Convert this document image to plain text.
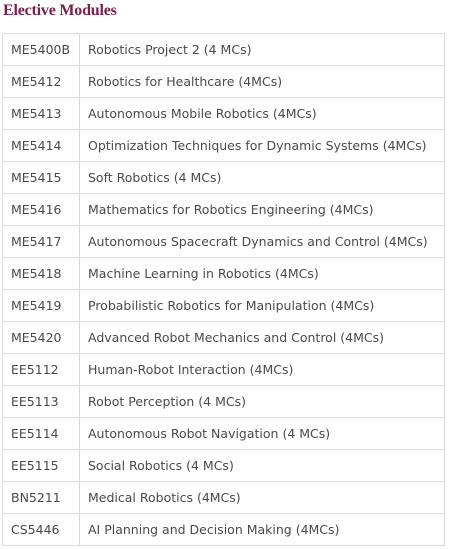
Elective Modules
ME5400B	Robotics Project 2 (4 MCs)
ME5412	Robotics for Healthcare (4MCs)
ME5413	Autonomous Mobile Robotics (4MCs)
ME5414	Optimization Techniques for Dynamic Systems (4MCs)
ME5415	Soft Robotics (4 MCs)
ME5416	Mathematics for Robotics Engineering (4MCs)
ME5417	Autonomous Spacecraft Dynamics and Control (4MCs)
ME5418	Machine Learning in Robotics (4MCs)
ME5419	Probabilistic Robotics for Manipulation (4MCs)
ME5420	Advanced Robot Mechanics and Control (4MCs)
EE5112	Human-Robot Interaction (4MCs)
EE5113	Robot Perception (4 MCs)
EE5114	Autonomous Robot Navigation (4 MCs)
EE5115	Social Robotics (4 MCs)
BN5211	Medical Robotics (4MCs)
CS5446	AI Planning and Decision Making (4MCs)
